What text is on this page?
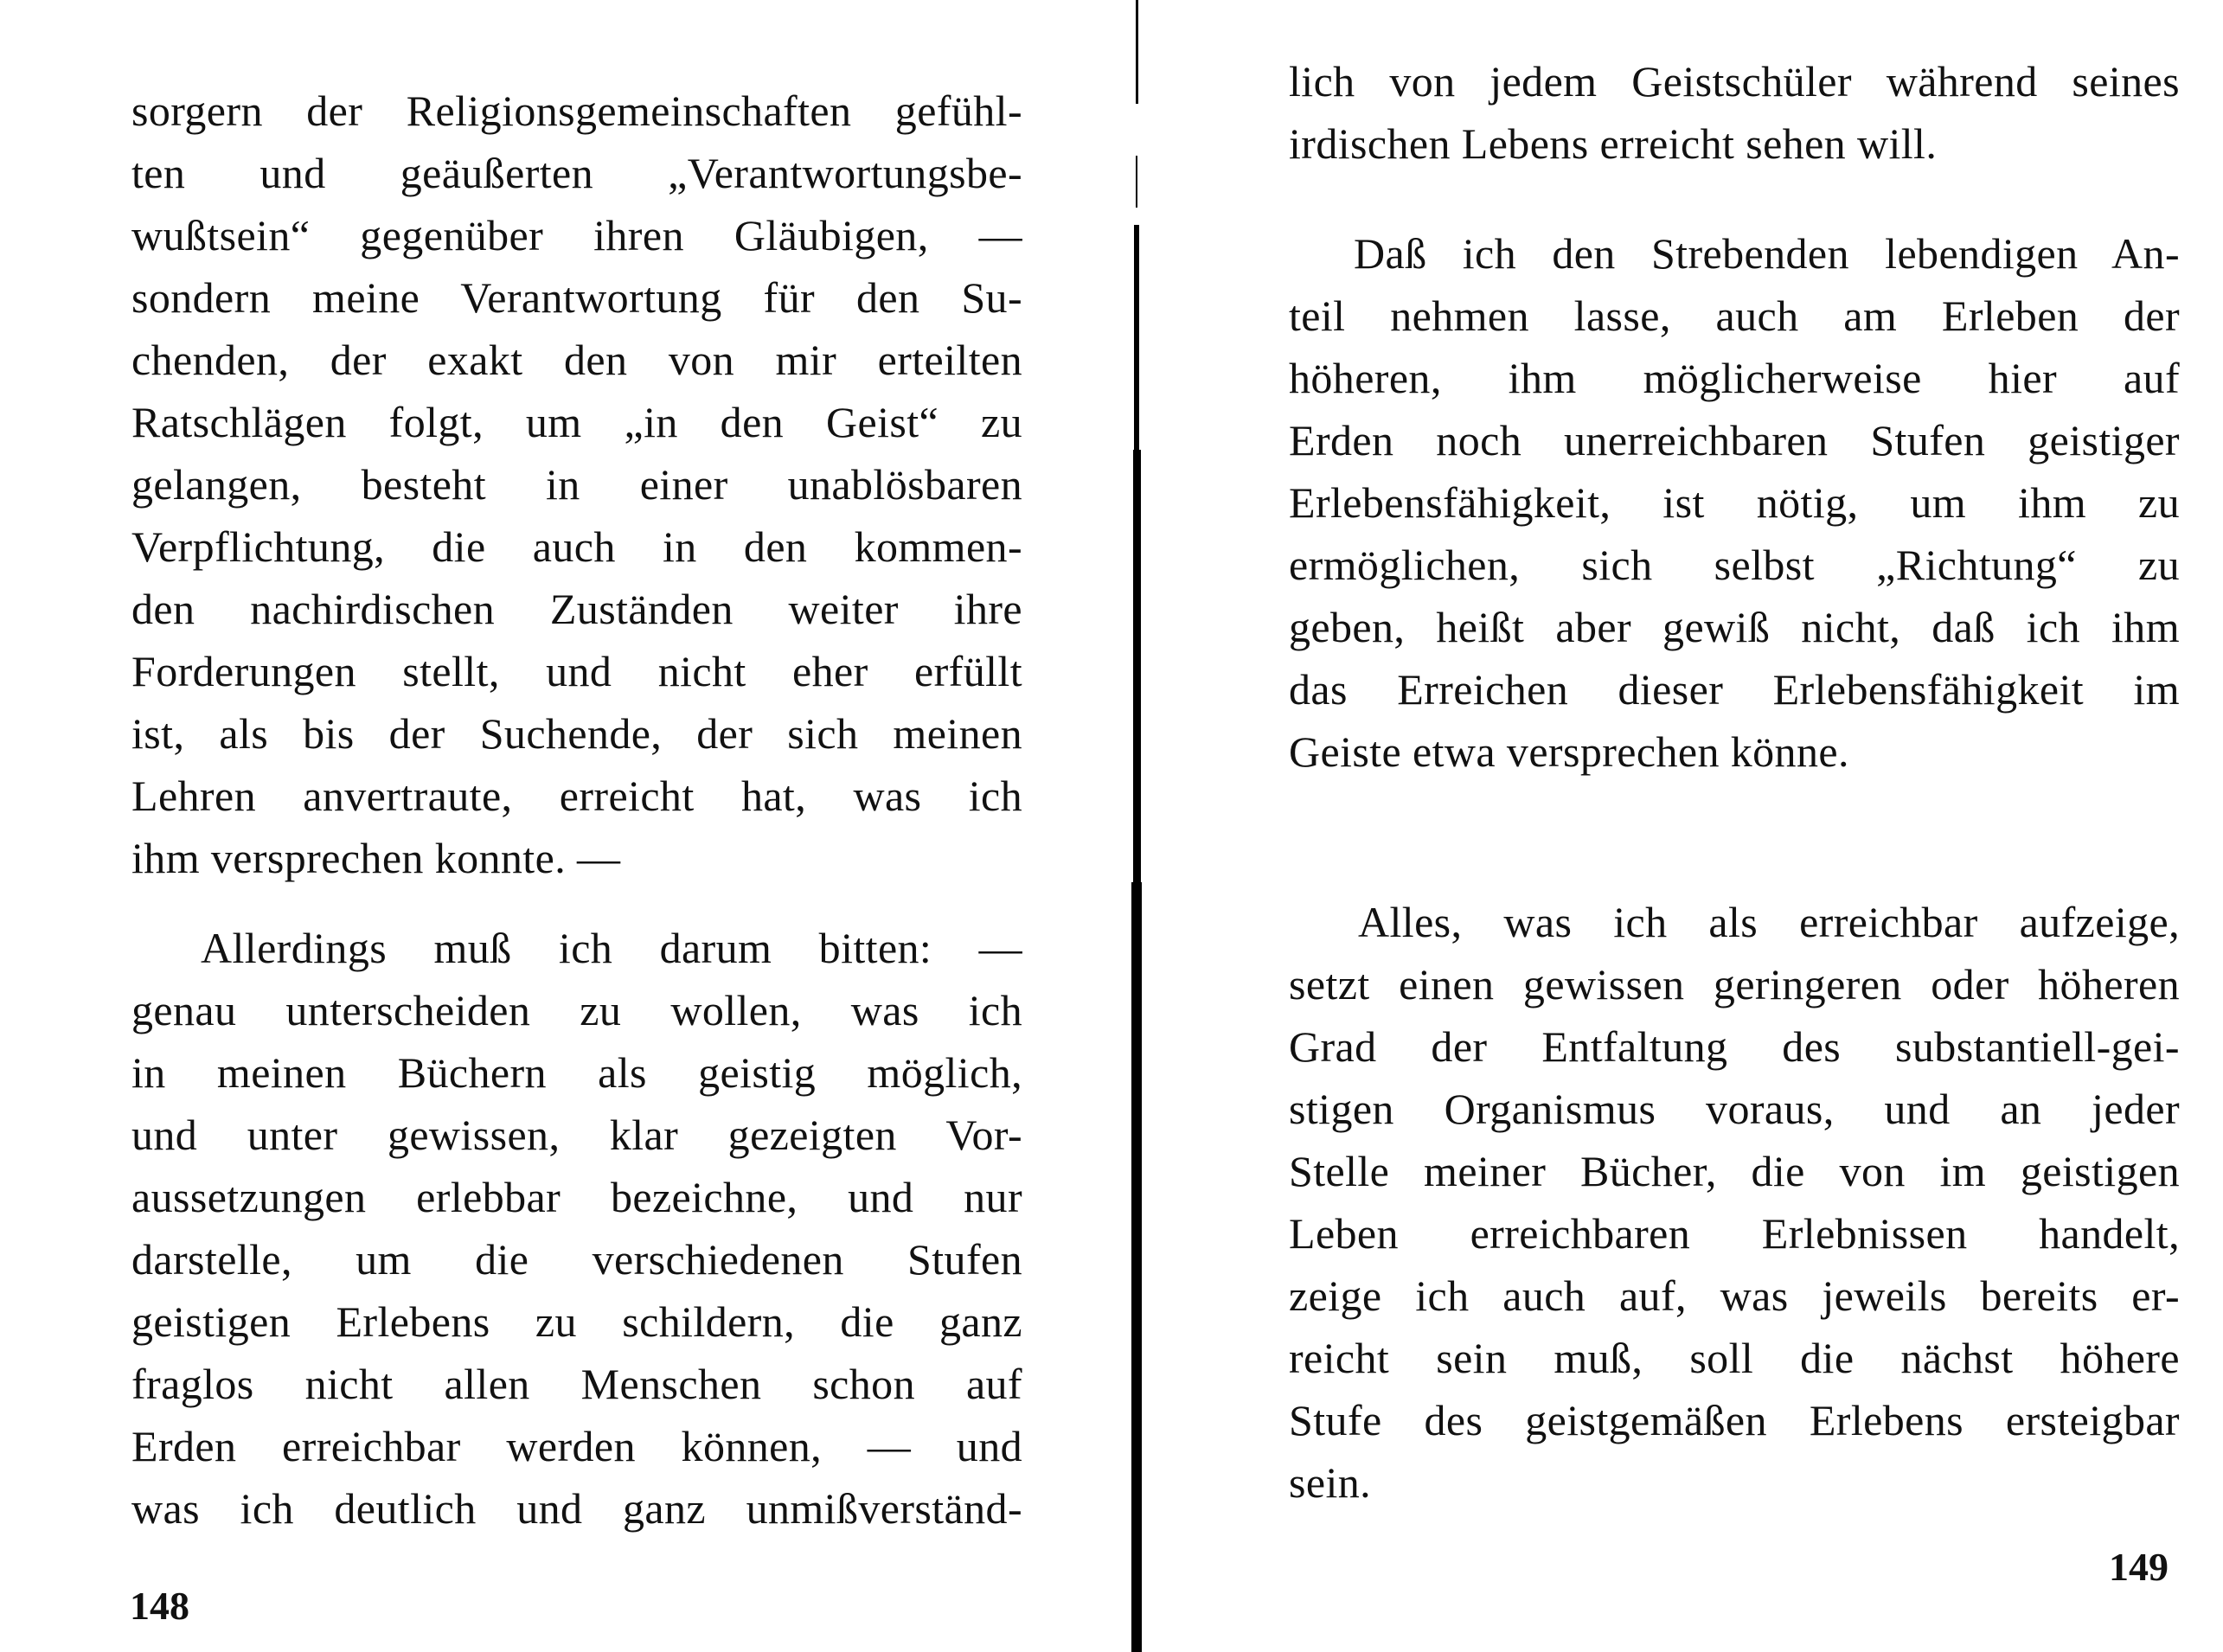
sorgern der Religionsgemeinschaften gefühl-
ten und geäußerten „Verantwortungsbe-
wußtsein“ gegenüber ihren Gläubigen, —
sondern meine Verantwortung für den Su-
chenden, der exakt den von mir erteilten
Ratschlägen folgt, um „in den Geist“ zu
gelangen, besteht in einer unablösbaren
Verpflichtung, die auch in den kommen-
den nachirdischen Zuständen weiter ihre
Forderungen stellt, und nicht eher erfüllt
ist, als bis der Suchende, der sich meinen
Lehren anvertraute, erreicht hat, was ich
ihm versprechen konnte. —
Allerdings muß ich darum bitten: —
genau unterscheiden zu wollen, was ich
in meinen Büchern als geistig möglich,
und unter gewissen, klar gezeigten Vor-
aussetzungen erlebbar bezeichne, und nur
darstelle, um die verschiedenen Stufen
geistigen Erlebens zu schildern, die ganz
fraglos nicht allen Menschen schon auf
Erden erreichbar werden können, — und
was ich deutlich und ganz unmißverständ-
148
lich von jedem Geistschüler während seines
irdischen Lebens erreicht sehen will.
Daß ich den Strebenden lebendigen An-
teil nehmen lasse, auch am Erleben der
höheren, ihm möglicherweise hier auf
Erden noch unerreichbaren Stufen geistiger
Erlebensfähigkeit, ist nötig, um ihm zu
ermöglichen, sich selbst „Richtung“ zu
geben, heißt aber gewiß nicht, daß ich ihm
das Erreichen dieser Erlebensfähigkeit im
Geiste etwa versprechen könne.
Alles, was ich als erreichbar aufzeige,
setzt einen gewissen geringeren oder höheren
Grad der Entfaltung des substantiell-gei-
stigen Organismus voraus, und an jeder
Stelle meiner Bücher, die von im geistigen
Leben erreichbaren Erlebnissen handelt,
zeige ich auch auf, was jeweils bereits er-
reicht sein muß, soll die nächst höhere
Stufe des geistgemäßen Erlebens ersteigbar
sein.
149
